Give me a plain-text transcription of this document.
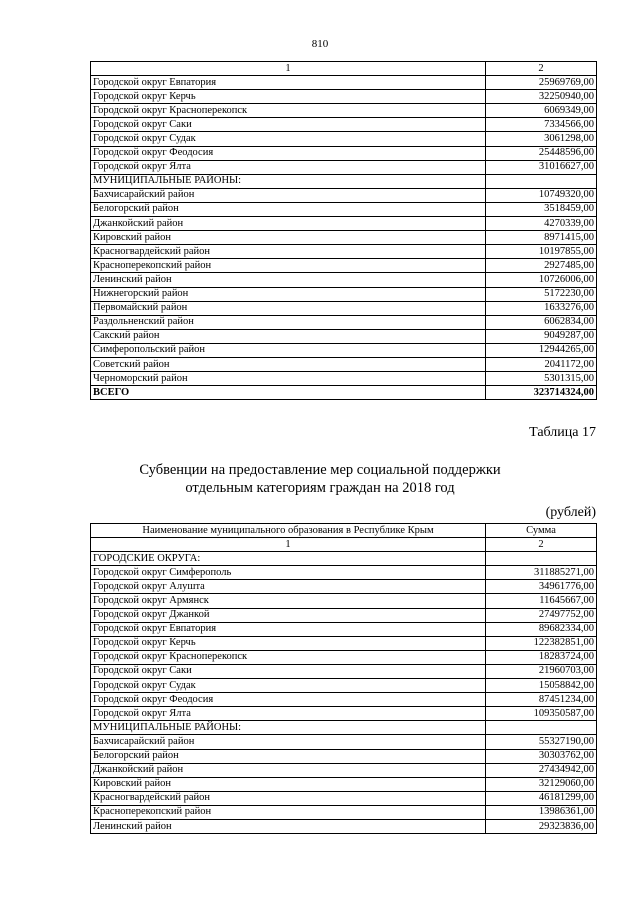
810
1	2
Городской округ Евпатория	25969769,00
Городской округ Керчь	32250940,00
Городской округ Красноперекопск	6069349,00
Городской округ Саки	7334566,00
Городской округ Судак	3061298,00
Городской округ Феодосия	25448596,00
Городской округ Ялта	31016627,00
МУНИЦИПАЛЬНЫЕ РАЙОНЫ:	
Бахчисарайский район	10749320,00
Белогорский район	3518459,00
Джанкойский район	4270339,00
Кировский район	8971415,00
Красногвардейский район	10197855,00
Красноперекопский район	2927485,00
Ленинский район	10726006,00
Нижнегорский район	5172230,00
Первомайский район	1633276,00
Раздольненский район	6062834,00
Сакский район	9049287,00
Симферопольский район	12944265,00
Советский район	2041172,00
Черноморский район	5301315,00
ВСЕГО	323714324,00
Таблица 17
Субвенции на предоставление мер социальной поддержки
отдельным категориям граждан на 2018 год
(рублей)
Наименование муниципального образования в Республике Крым	Сумма
1	2
ГОРОДСКИЕ ОКРУГА:	
Городской округ Симферополь	311885271,00
Городской округ Алушта	34961776,00
Городской округ Армянск	11645667,00
Городской округ Джанкой	27497752,00
Городской округ Евпатория	89682334,00
Городской округ Керчь	122382851,00
Городской округ Красноперекопск	18283724,00
Городской округ Саки	21960703,00
Городской округ Судак	15058842,00
Городской округ Феодосия	87451234,00
Городской округ Ялта	109350587,00
МУНИЦИПАЛЬНЫЕ РАЙОНЫ:	
Бахчисарайский район	55327190,00
Белогорский район	30303762,00
Джанкойский район	27434942,00
Кировский район	32129060,00
Красногвардейский район	46181299,00
Красноперекопский район	13986361,00
Ленинский район	29323836,00
